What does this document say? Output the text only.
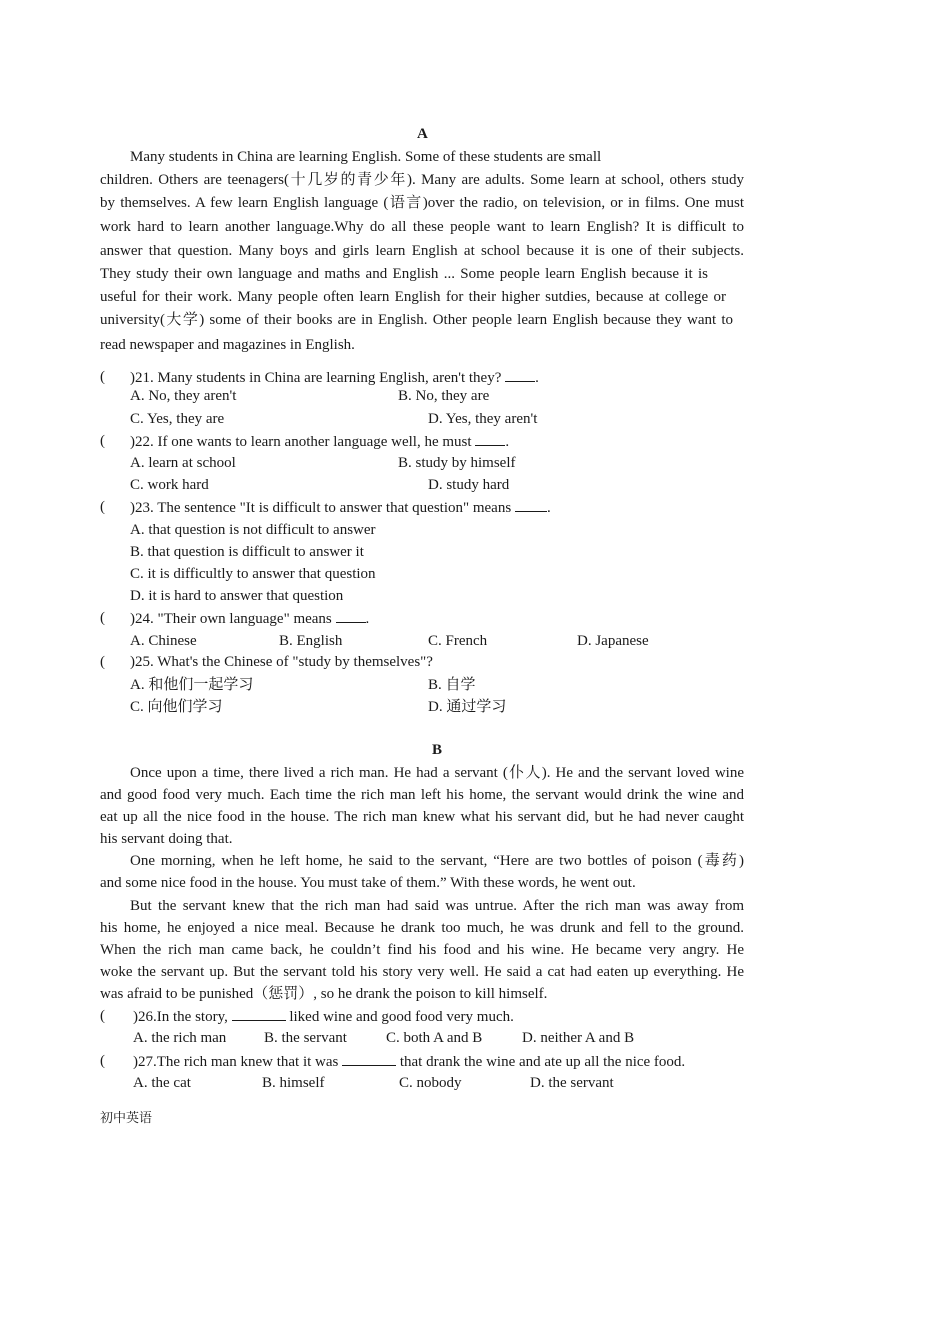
A
Many students in China are learning English. Some of these students are small
children. Others are teenagers(十几岁的青少年). Many are adults. Some learn at school, others study
by themselves. A few learn English language (语言)over the radio, on television, or in films. One must
work hard to learn another language.Why do all these people want to learn English? It is difficult to
answer that question. Many boys and girls learn English at school because it is one of their subjects.
They study their own language and maths and English ... Some people learn English because it is
useful for their work. Many people often learn English for their higher sutdies, because at college or
university(大学) some of their books are in English. Other people learn English because they want to
read newspaper and magazines in English.
( )21. Many students in China are learning English, aren't they? .
A. No, they aren't	B. No, they are
C. Yes, they are	D. Yes, they aren't
( )22. If one wants to learn another language well, he must .
A. learn at school	B. study by himself
C. work hard	D. study hard
( )23. The sentence "It is difficult to answer that question" means .
A. that question is not difficult to answer
B. that question is difficult to answer it
C. it is difficultly to answer that question
D. it is hard to answer that question
( )24. "Their own language" means .
A. Chinese	B. English	C. French	D. Japanese
( )25. What's the Chinese of "study by themselves"?
A. 和他们一起学习	B. 自学
C. 向他们学习	D. 通过学习
B
Once upon a time, there lived a rich man. He had a servant (仆人). He and the servant loved wine
and good food very much. Each time the rich man left his home, the servant would drink the wine and
eat up all the nice food in the house. The rich man knew what his servant did, but he had never caught
his servant doing that.
One morning, when he left home, he said to the servant, “Here are two bottles of poison (毒药)
and some nice food in the house. You must take of them.” With these words, he went out.
But the servant knew that the rich man had said was untrue. After the rich man was away from
his home, he enjoyed a nice meal. Because he drank too much, he was drunk and fell to the ground.
When the rich man came back, he couldn’t find his food and his wine. He became very angry. He
woke the servant up. But the servant told his story very well. He said a cat had eaten up everything. He
was afraid to be punished（惩罚）, so he drank the poison to kill himself.
( )26.In the story,	liked wine and good food very much.
A. the rich man	B. the servant	C. both A and B	D. neither A and B
( )27.The rich man knew that it was	that drank the wine and ate up all the nice food.
A. the cat	B. himself	C. nobody	D. the servant
初中英语
